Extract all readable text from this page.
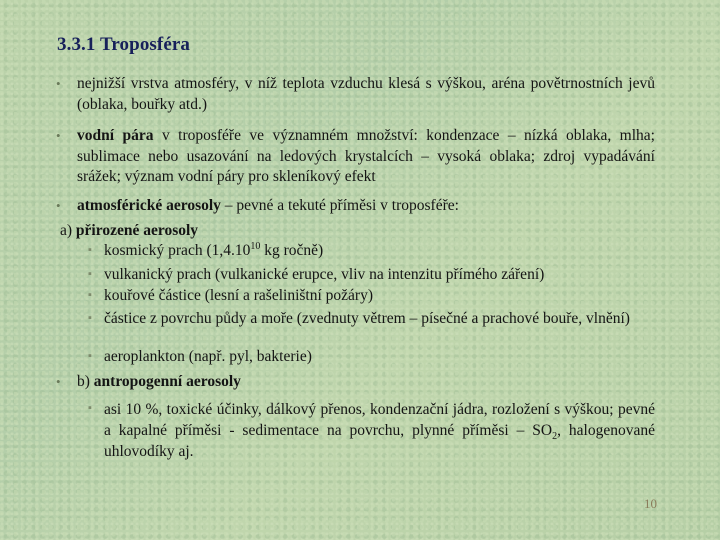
3.3.1 Troposféra
•	nejnižší vrstva atmosféry, v níž teplota vzduchu klesá s výškou, aréna povětrnostních jevů (oblaka, bouřky atd.)
•	vodní pára v troposféře ve významném množství: kondenzace – nízká oblaka, mlha; sublimace nebo usazování na ledových krystalcích – vysoká oblaka; zdroj vypadávání srážek; význam vodní páry pro skleníkový efekt
•	atmosférické aerosoly – pevné a tekuté příměsi v troposféře:
a) přirozené aerosoly
▪ kosmický prach (1,4.10$^{10}$ kg ročně)
▪ vulkanický prach (vulkanické erupce, vliv na intenzitu přímého záření)
▪ kouřové částice (lesní a rašeliništní požáry)
▪ částice z povrchu půdy a moře (zvednuty větrem – písečné a prachové bouře, vlnění)
▪ aeroplankton (např. pyl, bakterie)
•	b) antropogenní aerosoly
▪ asi 10 %, toxické účinky, dálkový přenos, kondenzační jádra, rozložení s výškou; pevné a kapalné příměsi - sedimentace na povrchu, plynné příměsi – $SO_2$, halogenované uhlovodíky aj.
10
